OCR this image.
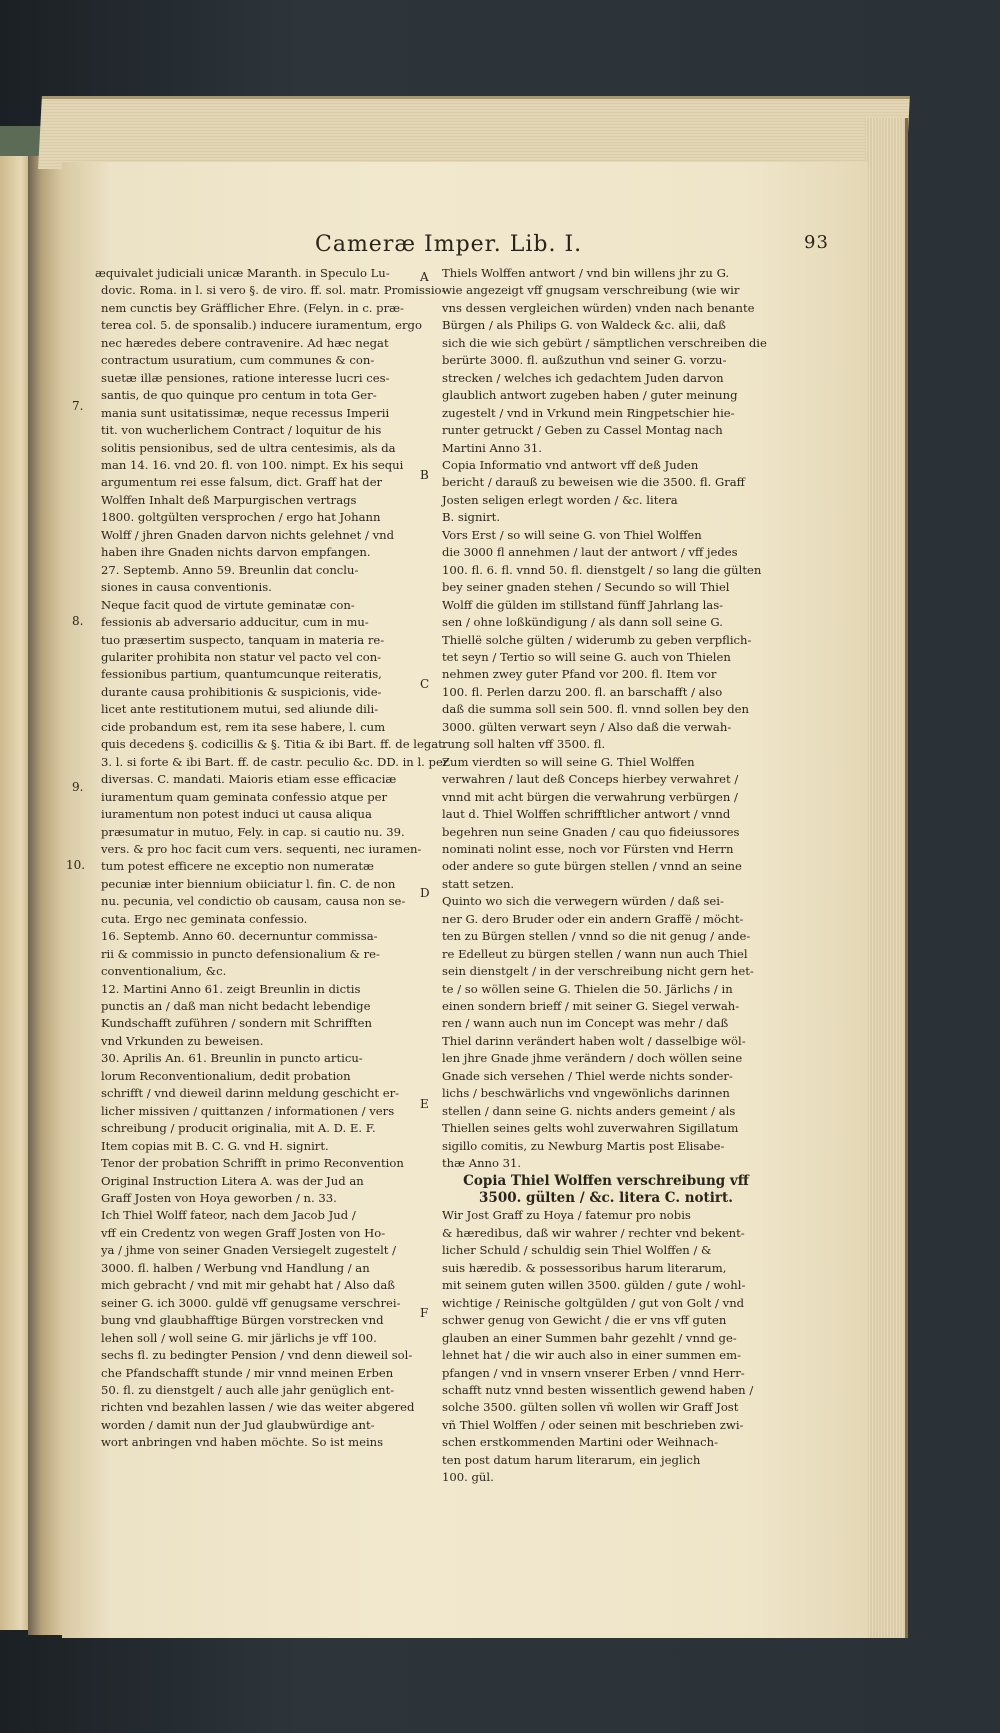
Cameræ Imper. Lib. I.	93
æquivalet judiciali unicæ Maranth. in Speculo Lu-
dovic. Roma. in l. si vero §. de viro. ff. sol. matr. Promissio-
nem cunctis bey Gräfflicher Ehre. (Felyn. in c. præ-
terea col. 5. de sponsalib.) inducere iuramentum, ergo
nec hæredes debere contravenire. Ad hæc negat
contractum usuratium, cum communes & con-
suetæ illæ pensiones, ratione interesse lucri ces-
santis, de quo quinque pro centum in tota Ger-
mania sunt usitatissimæ, neque recessus Imperii
tit. von wucherlichem Contract / loquitur de his
solitis pensionibus, sed de ultra centesimis, als da
man 14. 16. vnd 20. fl. von 100. nimpt. Ex his sequi
argumentum rei esse falsum, dict. Graff hat der
Wolffen Inhalt deß Marpurgischen vertrags
1800. goltgülten versprochen / ergo hat Johann
Wolff / jhren Gnaden darvon nichts gelehnet / vnd
haben ihre Gnaden nichts darvon empfangen.
27. Septemb. Anno 59. Breunlin dat conclu-
siones in causa conventionis.
Neque facit quod de virtute geminatæ con-
fessionis ab adversario adducitur, cum in mu-
tuo præsertim suspecto, tanquam in materia re-
gulariter prohibita non statur vel pacto vel con-
fessionibus partium, quantumcunque reiteratis,
durante causa prohibitionis & suspicionis, vide-
licet ante restitutionem mutui, sed aliunde dili-
cide probandum est, rem ita sese habere, l. cum
quis decedens §. codicillis & §. Titia & ibi Bart. ff. de legat.
3. l. si forte & ibi Bart. ff. de castr. peculio &c. DD. in l. per
diversas. C. mandati. Maioris etiam esse efficaciæ
iuramentum quam geminata confessio atque per
iuramentum non potest induci ut causa aliqua
præsumatur in mutuo, Fely. in cap. si cautio nu. 39.
vers. & pro hoc facit cum vers. sequenti, nec iuramen-
tum potest efficere ne exceptio non numeratæ
pecuniæ inter biennium obiiciatur l. fin. C. de non
nu. pecunia, vel condictio ob causam, causa non se-
cuta. Ergo nec geminata confessio.
16. Septemb. Anno 60. decernuntur commissa-
rii & commissio in puncto defensionalium & re-
conventionalium, &c.
12. Martini Anno 61. zeigt Breunlin in dictis
punctis an / daß man nicht bedacht lebendige
Kundschafft zuführen / sondern mit Schrifften
vnd Vrkunden zu beweisen.
30. Aprilis An. 61. Breunlin in puncto articu-
lorum Reconventionalium, dedit probation
schrifft / vnd dieweil darinn meldung geschicht er-
licher missiven / quittanzen / informationen / vers
schreibung / producit originalia, mit A. D. E. F.
Item copias mit B. C. G. vnd H. signirt.
Tenor der probation Schrifft in primo Reconvention
Original Instruction Litera A. was der Jud an
Graff Josten von Hoya geworben / n. 33.
Ich Thiel Wolff fateor, nach dem Jacob Jud /
vff ein Credentz von wegen Graff Josten von Ho-
ya / jhme von seiner Gnaden Versiegelt zugestelt /
3000. fl. halben / Werbung vnd Handlung / an
mich gebracht / vnd mit mir gehabt hat / Also daß
seiner G. ich 3000. guldë vff genugsame verschrei-
bung vnd glaubhafftige Bürgen vorstrecken vnd
lehen soll / woll seine G. mir järlichs je vff 100.
sechs fl. zu bedingter Pension / vnd denn dieweil sol-
che Pfandschafft stunde / mir vnnd meinen Erben
50. fl. zu dienstgelt / auch alle jahr genüglich ent-
richten vnd bezahlen lassen / wie das weiter abgered
worden / damit nun der Jud glaubwürdige ant-
wort anbringen vnd haben möchte. So ist meins
Thiels Wolffen antwort / vnd bin willens jhr zu G.
wie angezeigt vff gnugsam verschreibung (wie wir
vns dessen vergleichen würden) vnden nach benante
Bürgen / als Philips G. von Waldeck &c. alii, daß
sich die wie sich gebürt / sämptlichen verschreiben die
berürte 3000. fl. außzuthun vnd seiner G. vorzu-
strecken / welches ich gedachtem Juden darvon
glaublich antwort zugeben haben / guter meinung
zugestelt / vnd in Vrkund mein Ringpetschier hie-
runter getruckt / Geben zu Cassel Montag nach
Martini Anno 31.
Copia Informatio vnd antwort vff deß Juden
bericht / darauß zu beweisen wie die 3500. fl. Graff
Josten seligen erlegt worden / &c. litera
B. signirt.
Vors Erst / so will seine G. von Thiel Wolffen
die 3000 fl annehmen / laut der antwort / vff jedes
100. fl. 6. fl. vnnd 50. fl. dienstgelt / so lang die gülten
bey seiner gnaden stehen / Secundo so will Thiel
Wolff die gülden im stillstand fünff Jahrlang las-
sen / ohne loßkündigung / als dann soll seine G.
Thiellë solche gülten / widerumb zu geben verpflich-
tet seyn / Tertio so will seine G. auch von Thielen
nehmen zwey guter Pfand vor 200. fl. Item vor
100. fl. Perlen darzu 200. fl. an barschafft / also
daß die summa soll sein 500. fl. vnnd sollen bey den
3000. gülten verwart seyn / Also daß die verwah-
rung soll halten vff 3500. fl.
Zum vierdten so will seine G. Thiel Wolffen
verwahren / laut deß Conceps hierbey verwahret /
vnnd mit acht bürgen die verwahrung verbürgen /
laut d. Thiel Wolffen schrifftlicher antwort / vnnd
begehren nun seine Gnaden / cau quo fideiussores
nominati nolint esse, noch vor Fürsten vnd Herrn
oder andere so gute bürgen stellen / vnnd an seine
statt setzen.
Quinto wo sich die verwegern würden / daß sei-
ner G. dero Bruder oder ein andern Graffë / möcht-
ten zu Bürgen stellen / vnnd so die nit genug / ande-
re Edelleut zu bürgen stellen / wann nun auch Thiel
sein dienstgelt / in der verschreibung nicht gern het-
te / so wöllen seine G. Thielen die 50. Järlichs / in
einen sondern brieff / mit seiner G. Siegel verwah-
ren / wann auch nun im Concept was mehr / daß
Thiel darinn verändert haben wolt / dasselbige wöl-
len jhre Gnade jhme verändern / doch wöllen seine
Gnade sich versehen / Thiel werde nichts sonder-
lichs / beschwärlichs vnd vngewönlichs darinnen
stellen / dann seine G. nichts anders gemeint / als
Thiellen seines gelts wohl zuverwahren Sigillatum
sigillo comitis, zu Newburg Martis post Elisabe-
thæ Anno 31.
Copia Thiel Wolffen verschreibung vff
3500. gülten / &c. litera C. notirt.
Wir Jost Graff zu Hoya / fatemur pro nobis
& hæredibus, daß wir wahrer / rechter vnd bekent-
licher Schuld / schuldig sein Thiel Wolffen / &
suis hæredib. & possessoribus harum literarum,
mit seinem guten willen 3500. gülden / gute / wohl-
wichtige / Reinische goltgülden / gut von Golt / vnd
schwer genug von Gewicht / die er vns vff guten
glauben an einer Summen bahr gezehlt / vnnd ge-
lehnet hat / die wir auch also in einer summen em-
pfangen / vnd in vnsern vnserer Erben / vnnd Herr-
schafft nutz vnnd besten wissentlich gewend haben /
solche 3500. gülten sollen vñ wollen wir Graff Jost
vñ Thiel Wolffen / oder seinen mit beschrieben zwi-
schen erstkommenden Martini oder Weihnach-
ten post datum harum literarum, ein jeglich
100. gül.
7.
8.
9.
10.
A
B
C
D
E
F
